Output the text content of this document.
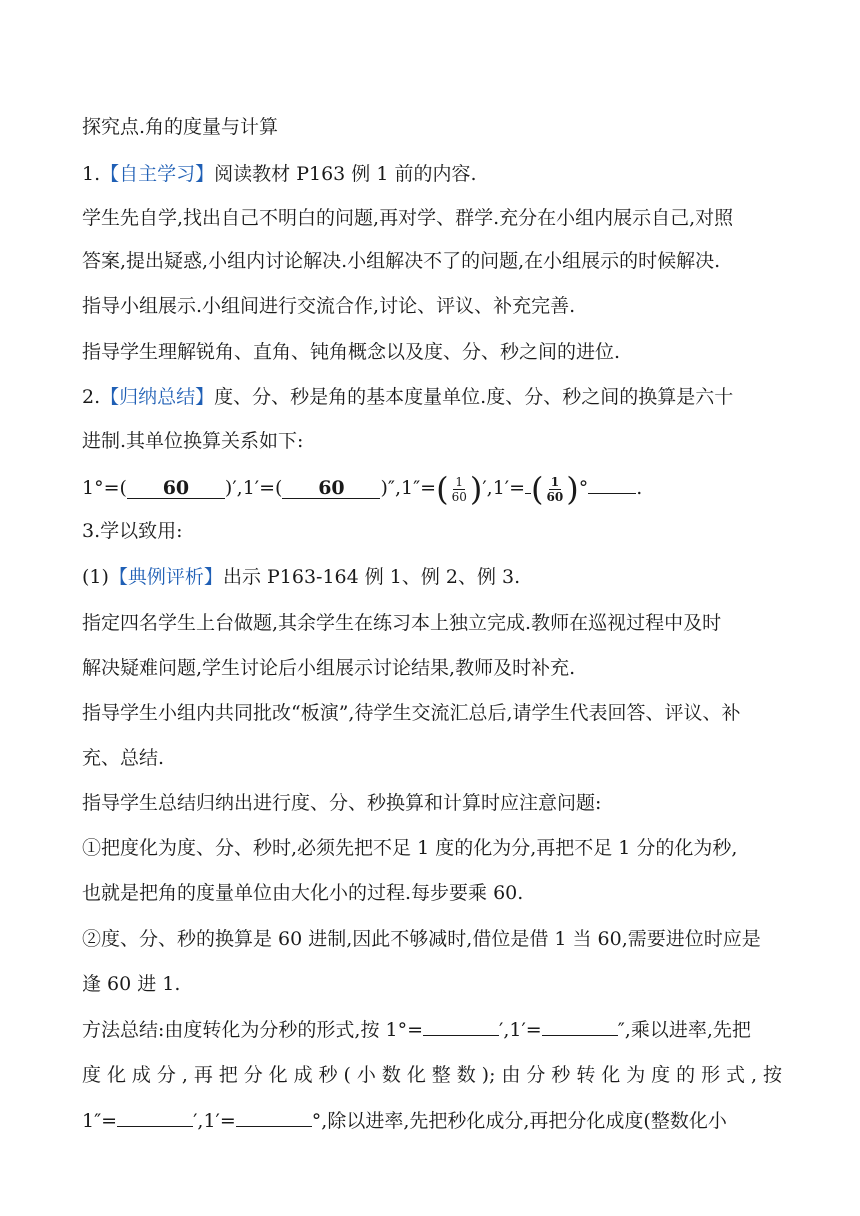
探究点.角的度量与计算
1.【自主学习】阅读教材 P163 例 1 前的内容.
学生先自学,找出自己不明白的问题,再对学、群学.充分在小组内展示自己,对照
答案,提出疑惑,小组内讨论解决.小组解决不了的问题,在小组展示的时候解决.
指导小组展示.小组间进行交流合作,讨论、评议、补充完善.
指导学生理解锐角、直角、钝角概念以及度、分、秒之间的进位.
2.【归纳总结】度、分、秒是角的基本度量单位.度、分、秒之间的换算是六十
进制.其单位换算关系如下:
1°=( 60 )′,1′=( 60 )$'',1''=( \frac{1}{60} )',1'=$ ( $\frac{1}{60}$ )°	.
3.学以致用:
(1)【典例评析】出示 P163-164 例 1、例 2、例 3.
指定四名学生上台做题,其余学生在练习本上独立完成.教师在巡视过程中及时
解决疑难问题,学生讨论后小组展示讨论结果,教师及时补充.
指导学生小组内共同批改“板演”,待学生交流汇总后,请学生代表回答、评议、补
充、总结.
指导学生总结归纳出进行度、分、秒换算和计算时应注意问题:
①把度化为度、分、秒时,必须先把不足 1 度的化为分,再把不足 1 分的化为秒,
也就是把角的度量单位由大化小的过程.每步要乘 60.
②度、分、秒的换算是 60 进制,因此不够减时,借位是借 1 当 60,需要进位时应是
逢 60 进 1.
方法总结:由度转化为分秒的形式,按 1°=	′,1′=	″,乘以进率,先把
度化成分,再把分化成秒(小数化整数);由分秒转化为度的形式,按
1″=	′,1′=	°,除以进率,先把秒化成分,再把分化成度(整数化小
